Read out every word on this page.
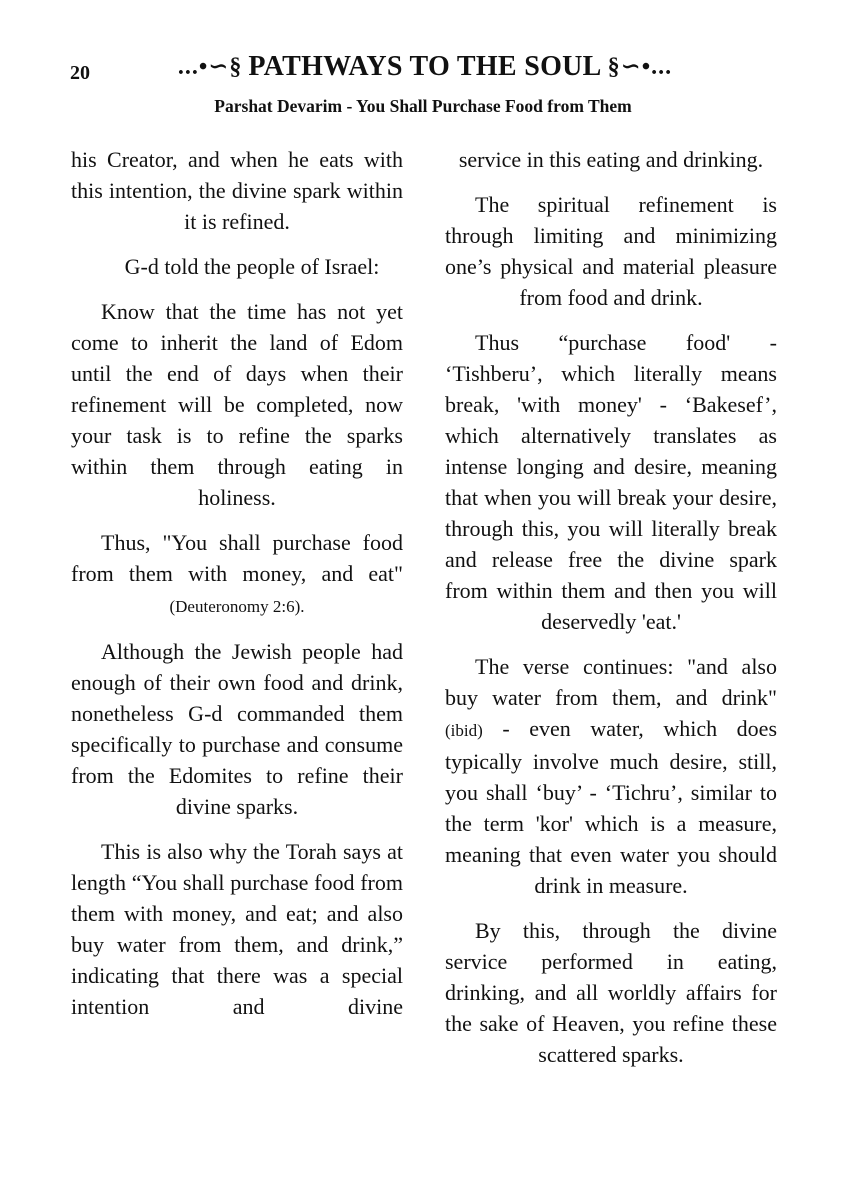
20	...•∽§ PATHWAYS TO THE SOUL §∽•...
Parshat Devarim - You Shall Purchase Food from Them

his Creator, and when he eats with this intention, the divine spark within it is refined.

G-d told the people of Israel:

Know that the time has not yet come to inherit the land of Edom until the end of days when their refinement will be completed, now your task is to refine the sparks within them through eating in holiness.

Thus, "You shall purchase food from them with money, and eat" (Deuteronomy 2:6).

Although the Jewish people had enough of their own food and drink, nonetheless G-d commanded them specifically to purchase and consume from the Edomites to refine their divine sparks.

This is also why the Torah says at length “You shall purchase food from them with money, and eat; and also buy water from them, and drink,” indicating that there was a special intention and divine

service in this eating and drinking.

The spiritual refinement is through limiting and minimizing one’s physical and material pleasure from food and drink.

Thus “purchase food' - ‘Tishberu’, which literally means break, 'with money' - ‘Bakesef’, which alternatively translates as intense longing and desire, meaning that when you will break your desire, through this, you will literally break and release free the divine spark from within them and then you will deservedly 'eat.'

The verse continues: "and also buy water from them, and drink" (ibid) - even water, which does typically involve much desire, still, you shall ‘buy’ - ‘Tichru’, similar to the term 'kor' which is a measure, meaning that even water you should drink in measure.

By this, through the divine service performed in eating, drinking, and all worldly affairs for the sake of Heaven, you refine these scattered sparks.
